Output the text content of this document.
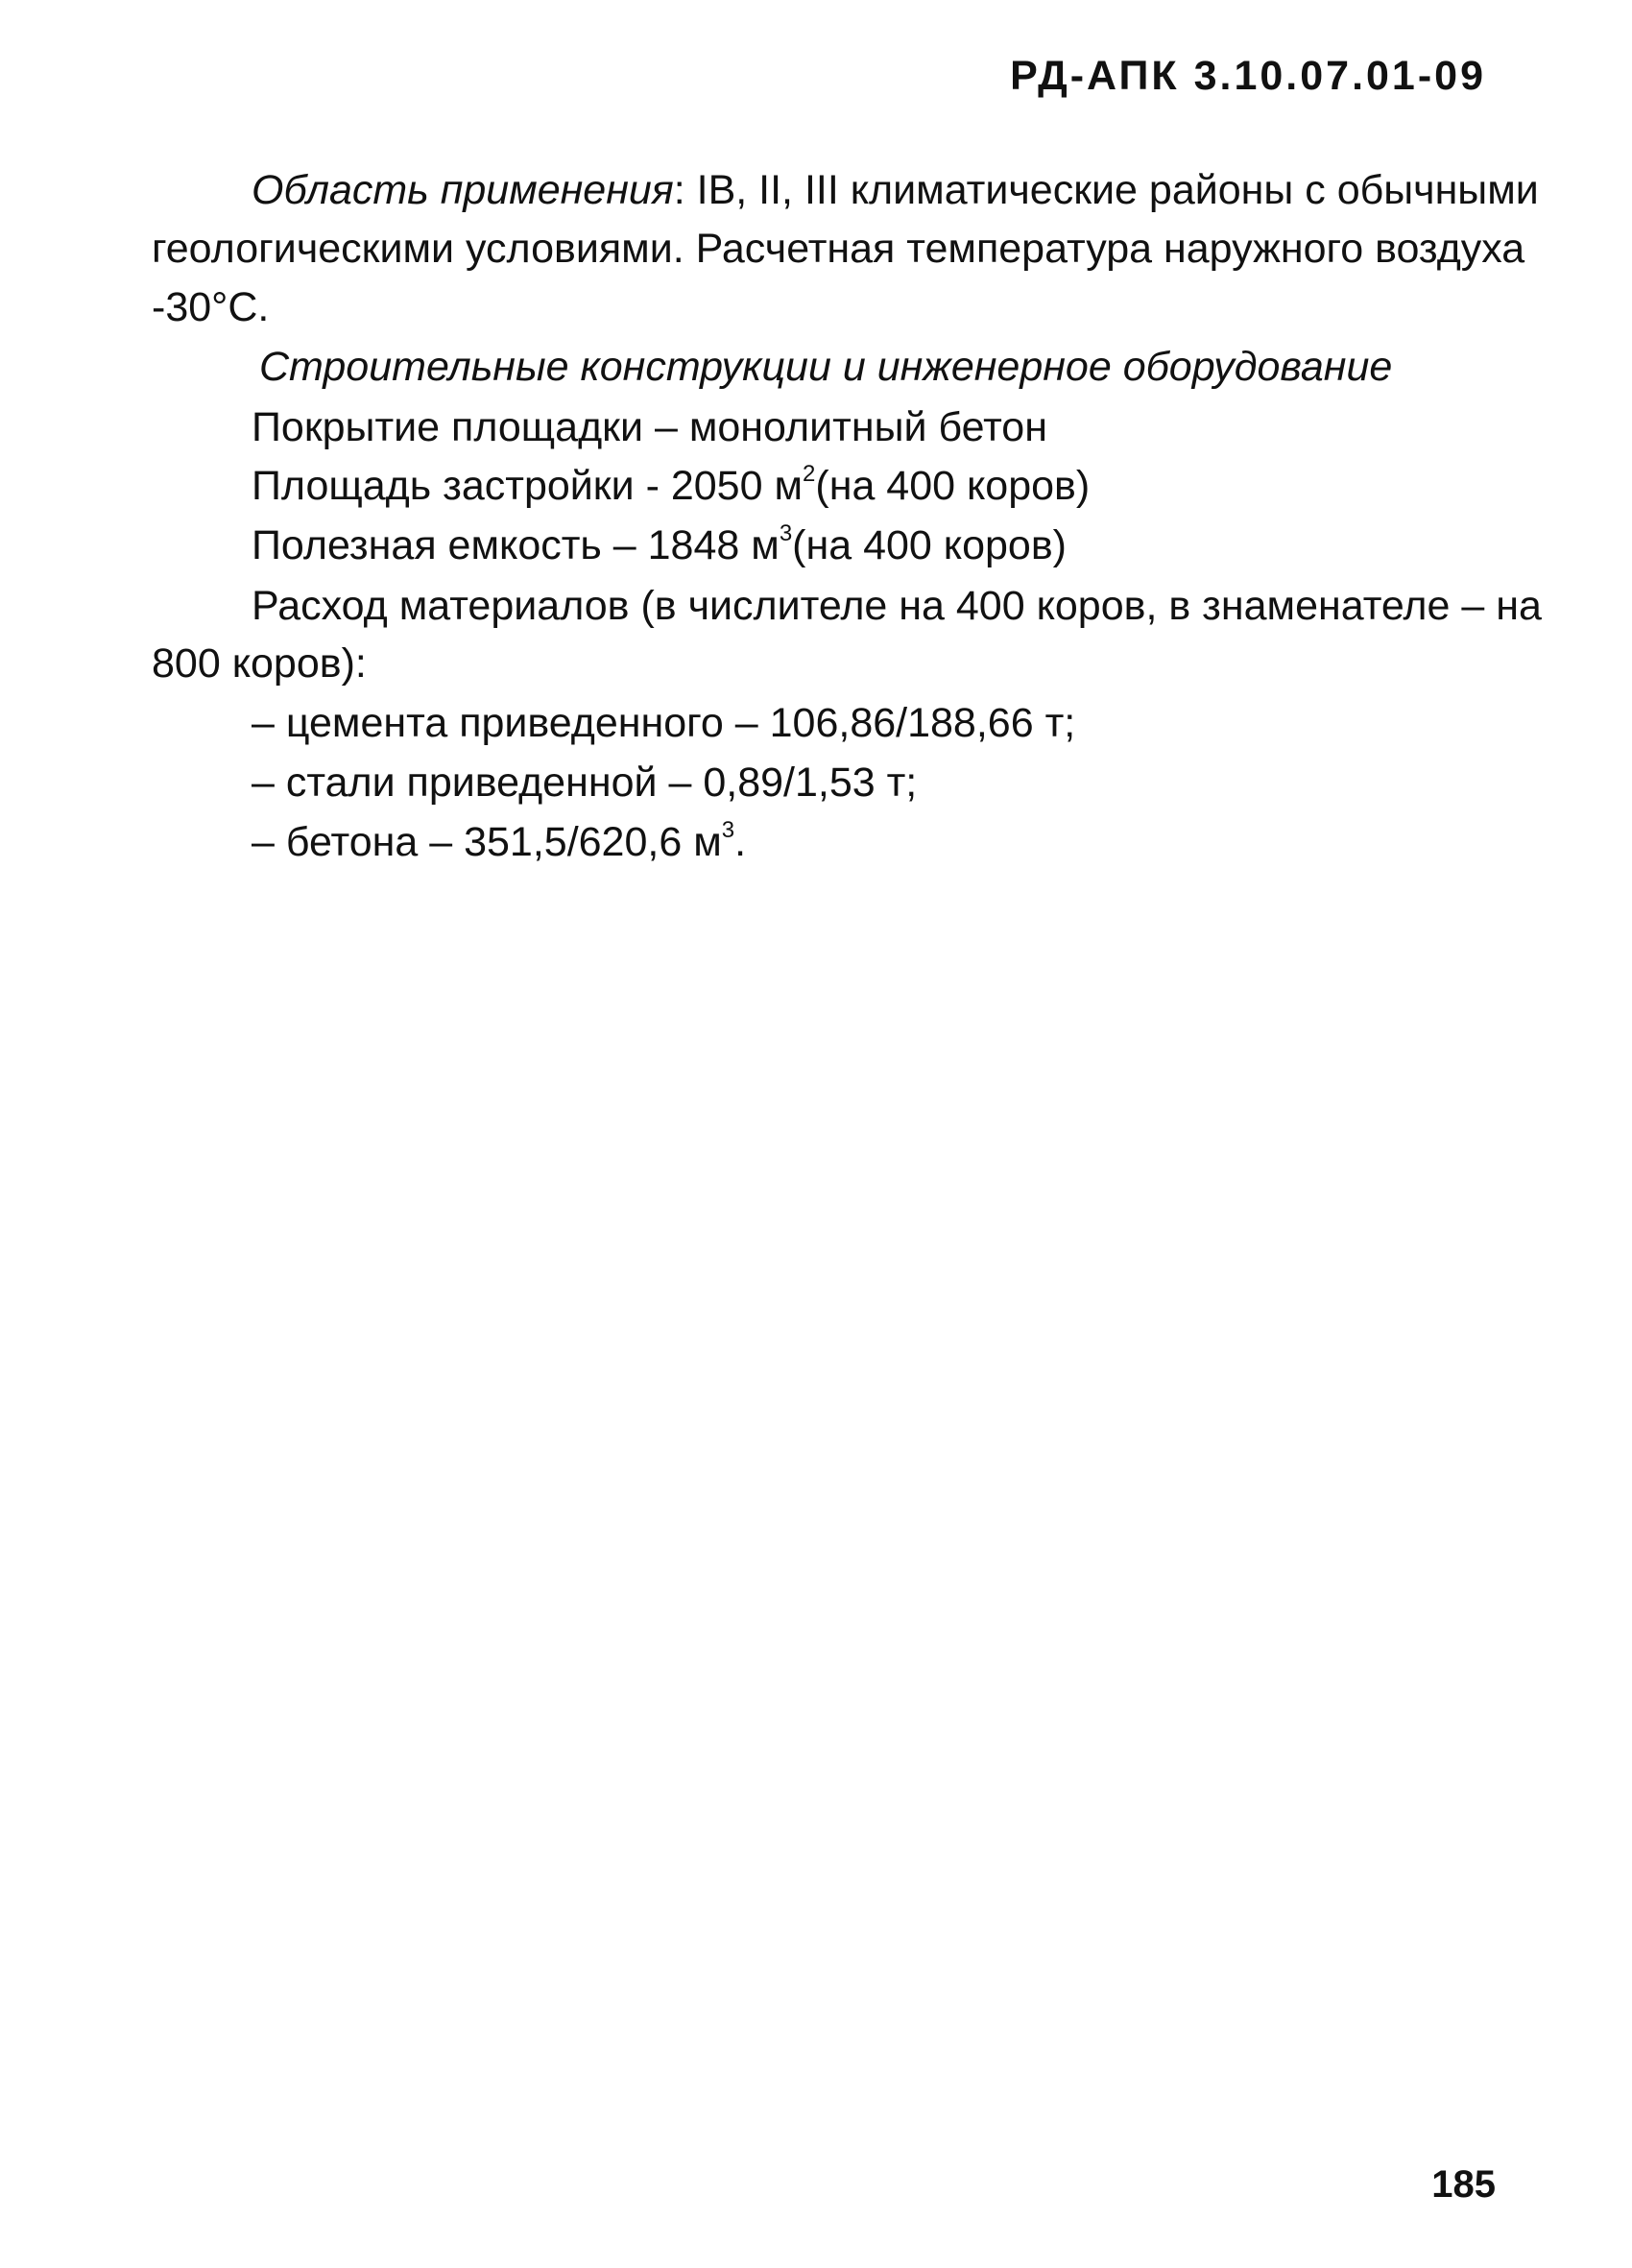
РД-АПК 3.10.07.01-09
Область применения: IB, II, III климатические районы с обычными
геологическими условиями. Расчетная температура наружного воздуха
-30°С.
Строительные конструкции и инженерное оборудование
Покрытие площадки – монолитный бетон
Площадь застройки - 2050 $м^2(на$ 400 коров)
Полезная емкость – 1848 $м^3(на$ 400 коров)
Расход материалов (в числителе на 400 коров, в знаменателе – на
800 коров):
– цемента приведенного – 106,86/188,66 т;
– стали приведенной – 0,89/1,53 т;
– бетона – 351,5/620,6 $м^3$.
185
